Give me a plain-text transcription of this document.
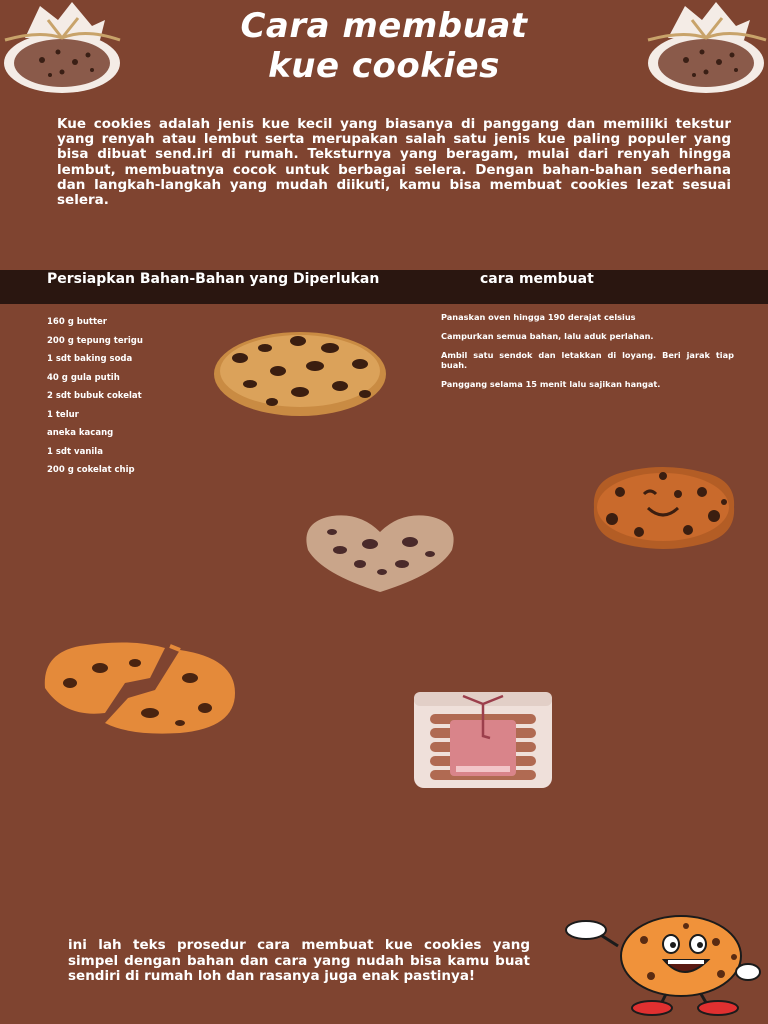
Cara membuat
kue cookies

Kue cookies adalah jenis kue kecil yang biasanya di panggang dan memiliki tekstur yang renyah atau lembut serta merupakan salah satu jenis kue paling populer yang bisa dibuat send.iri di rumah. Teksturnya yang beragam, mulai dari renyah hingga lembut, membuatnya cocok untuk berbagai selera. Dengan bahan-bahan sederhana dan langkah-langkah yang mudah diikuti, kamu bisa membuat cookies lezat sesuai selera.

Persiapkan Bahan-Bahan yang Diperlukan	cara membuat
160 g butter
200 g tepung terigu
1 sdt baking soda
40 g gula putih
2 sdt bubuk cokelat
1 telur
aneka kacang
1 sdt vanila
200 g cokelat chip
Panaskan oven hingga 190 derajat celsius
Campurkan semua bahan, lalu aduk perlahan.
Ambil satu sendok dan letakkan di loyang. Beri jarak tiap buah.
Panggang selama 15 menit lalu sajikan hangat.

ini lah teks prosedur cara membuat kue cookies yang simpel dengan bahan dan cara yang nudah bisa kamu buat sendiri di rumah loh dan rasanya juga enak pastinya!
